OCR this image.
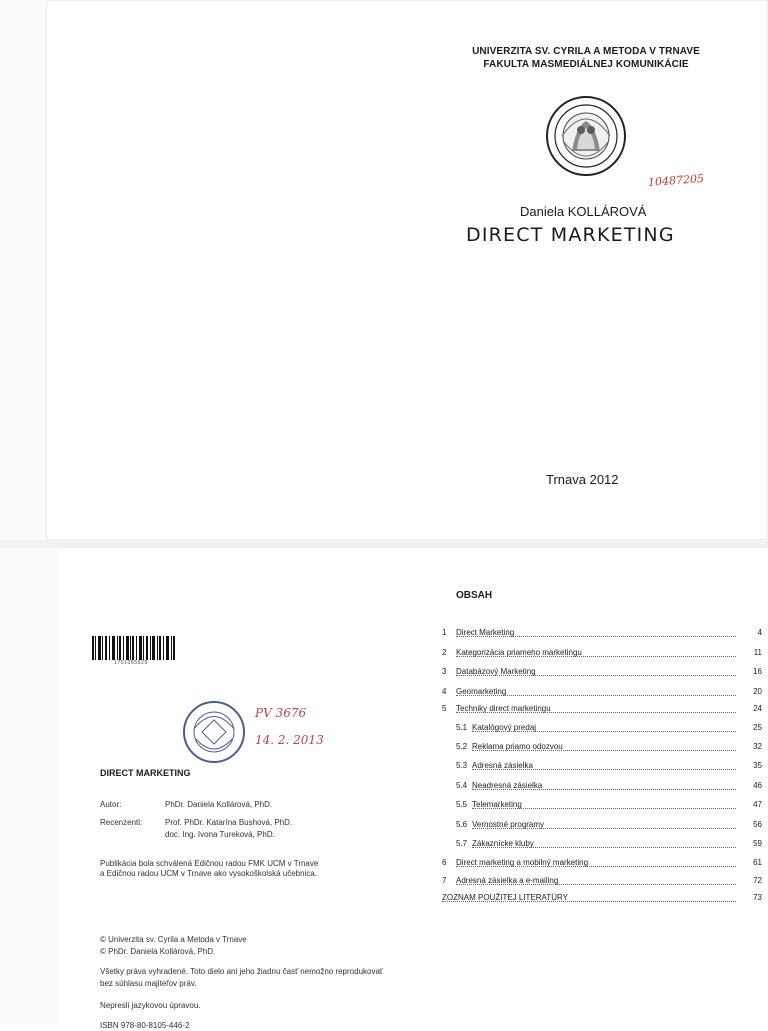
UNIVERZITA SV. CYRILA A METODA V TRNAVE
FAKULTA MASMEDIÁLNEJ KOMUNIKÁCIE
10487205
Daniela KOLLÁROVÁ
DIRECT MARKETING
Trnava 2012
1701055929
PV 3676
14. 2. 2013
DIRECT MARKETING
Autor:	PhDr. Daniela Kollárová, PhD.
Recenzenti:	Prof. PhDr. Katarína Bushová, PhD.
doc. Ing. Ivona Tureková, PhD.
Publikácia bola schválená Edičnou radou FMK UCM v Trnave
a Edičnou radou UCM v Trnave ako vysokoškolská učebnica.
© Univerzita sv. Cyrila a Metoda v Trnave
© PhDr. Daniela Kollárová, PhD.
Všetky práva vyhradené. Toto dielo ani jeho žiadnu časť nemožno reprodukovať
bez súhlasu majiteľov práv.
Nepresli jazykovou úpravou.
ISBN 978-80-8105-446-2
OBSAH
1 Direct Marketing	4
2 Kategorizácia priameho marketingu	11
3 Databázový Marketing	16
4 Geomarketing	20
5 Techniky direct marketingu	24
5.1 Katalógový predaj	25
5.2 Reklama priamo odozvou	32
5.3 Adresná zásielka	35
5.4 Neadresná zásielka	46
5.5 Telemarketing	47
5.6 Vernostné programy	56
5.7 Zákaznícke kluby	59
6 Direct marketing a mobilný marketing	61
7 Adresná zásielka a e-mailing	72
ZOZNAM POUŽITEJ LITERATÚRY	73
